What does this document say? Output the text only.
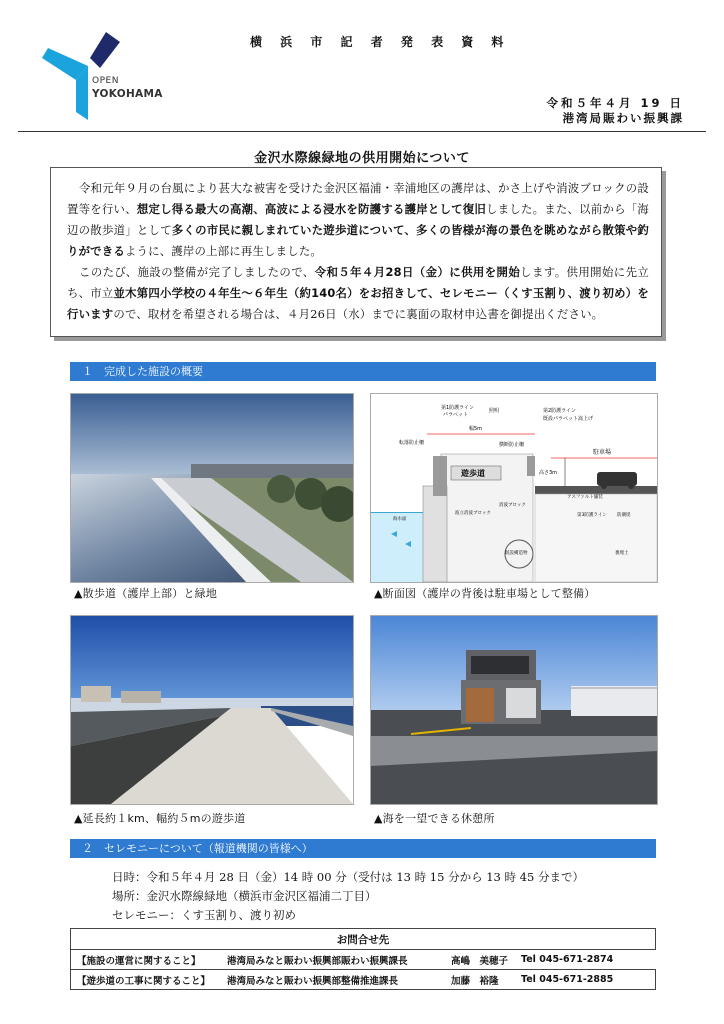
OPEN
YOKOHAMA
横 浜 市 記 者 発 表 資 料
令和５年４月 19 日
港湾局賑わい振興課
金沢水際線緑地の供用開始について

令和元年９月の台風により甚大な被害を受けた金沢区福浦・幸浦地区の護岸は、かさ上げや消波ブロックの設置等を行い、想定し得る最大の高潮、高波による浸水を防護する護岸として復旧しました。また、以前から「海辺の散歩道」として多くの市民に親しまれていた遊歩道について、多くの皆様が海の景色を眺めながら散策や釣りができるように、護岸の上部に再生しました。

このたび、施設の整備が完了しましたので、令和５年４月28日（金）に供用を開始します。供用開始に先立ち、市立並木第四小学校の４年生～６年生（約140名）をお招きして、セレモニー（くす玉割り、渡り初め）を行いますので、取材を希望される場合は、４月26日（水）までに裏面の取材申込書を御提出ください。

１　完成した施設の概要
▲散歩道（護岸上部）と緑地
第1防護ライン
パラペット
照明	第2防護ライン
既設パラペット嵩上げ
転落防止柵
幅5m
横断防止柵
遊歩道
駐車場
高さ3m
海水面
消波ブロック
波立消波ブロック
アスファルト舗装
第3防護ライン 防潮堤
既設構造物	裏埋土
▲断面図（護岸の背後は駐車場として整備）
▲延長約１km、幅約５mの遊歩道	▲海を一望できる休憩所
２　セレモニーについて（報道機関の皆様へ）
日時：令和５年４月 28 日（金）14 時 00 分（受付は 13 時 15 分から 13 時 45 分まで）
場所：金沢水際線緑地（横浜市金沢区福浦二丁目）
セレモニー：くす玉割り、渡り初め
お問合せ先

【施設の運営に関すること】	港湾局みなと賑わい振興部賑わい振興課長	高嶋　美穂子	Tel 045-671-2874

【遊歩道の工事に関すること】	港湾局みなと賑わい振興部整備推進課長	加藤　裕隆	Tel 045-671-2885
